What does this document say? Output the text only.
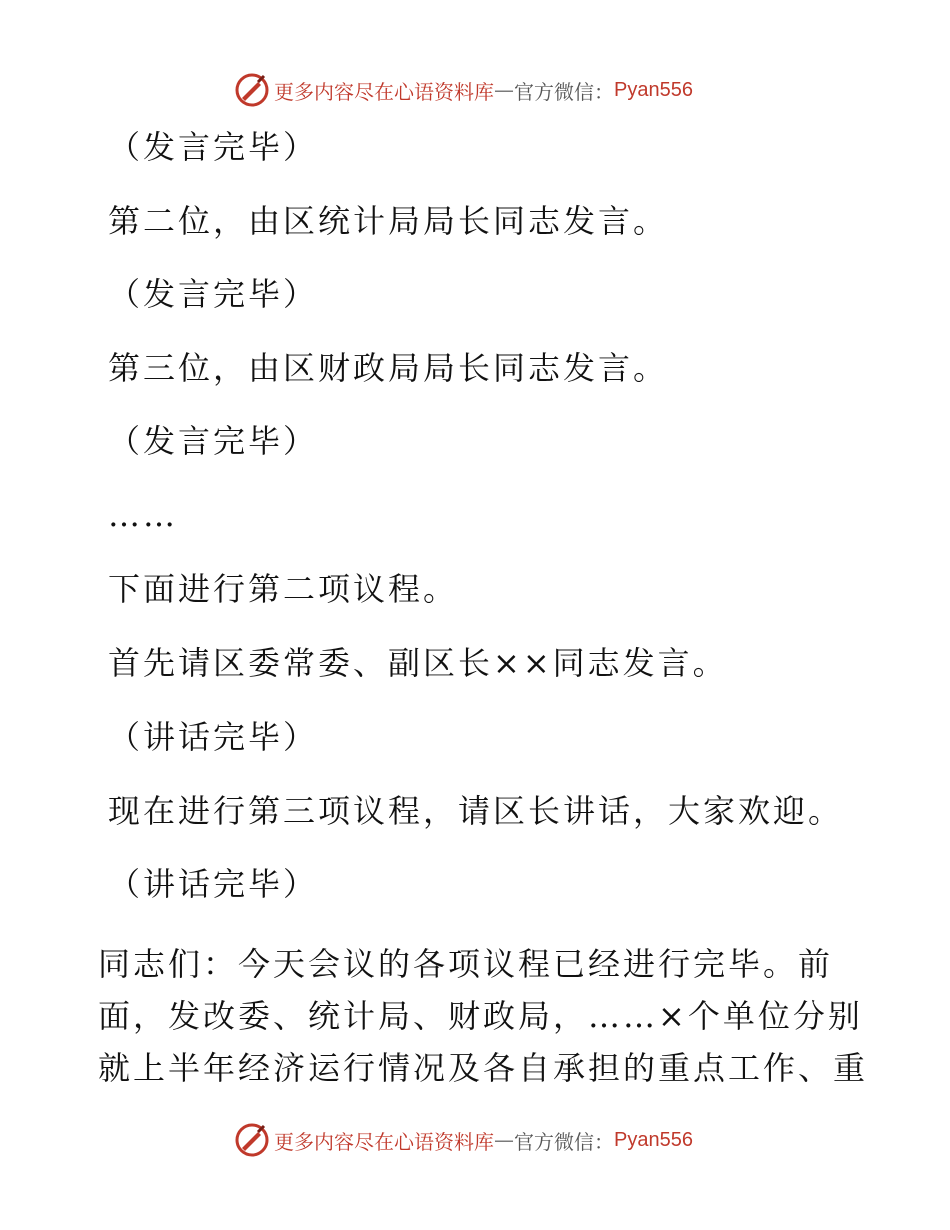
更多内容尽在心语资料库 — 官方微信： Pyan556
（发言完毕）
第二位，由区统计局局长同志发言。
（发言完毕）
第三位，由区财政局局长同志发言。
（发言完毕）
……
下面进行第二项议程。
首先请区委常委、副区长××同志发言。
（讲话完毕）
现在进行第三项议程，请区长讲话，大家欢迎。
（讲话完毕）
同志们：今天会议的各项议程已经进行完毕。前
面，发改委、统计局、财政局，……×个单位分别
就上半年经济运行情况及各自承担的重点工作、重
更多内容尽在心语资料库 — 官方微信： Pyan556
